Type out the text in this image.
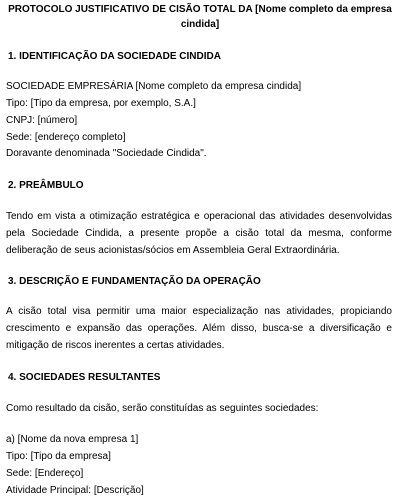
PROTOCOLO JUSTIFICATIVO DE CISÃO TOTAL DA [Nome completo da empresa cindida]
1. IDENTIFICAÇÃO DA SOCIEDADE CINDIDA
SOCIEDADE EMPRESÁRIA [Nome completo da empresa cindida]
Tipo: [Tipo da empresa, por exemplo, S.A.]
CNPJ: [número]
Sede: [endereço completo]
Doravante denominada "Sociedade Cindida".
2. PREÂMBULO
Tendo em vista a otimização estratégica e operacional das atividades desenvolvidas pela Sociedade Cindida, a presente propõe a cisão total da mesma, conforme deliberação de seus acionistas/sócios em Assembleia Geral Extraordinária.
3. DESCRIÇÃO E FUNDAMENTAÇÃO DA OPERAÇÃO
A cisão total visa permitir uma maior especialização nas atividades, propiciando crescimento e expansão das operações. Além disso, busca-se a diversificação e mitigação de riscos inerentes a certas atividades.
4. SOCIEDADES RESULTANTES
Como resultado da cisão, serão constituídas as seguintes sociedades:
a) [Nome da nova empresa 1]
Tipo: [Tipo da empresa]
Sede: [Endereço]
Atividade Principal: [Descrição]
